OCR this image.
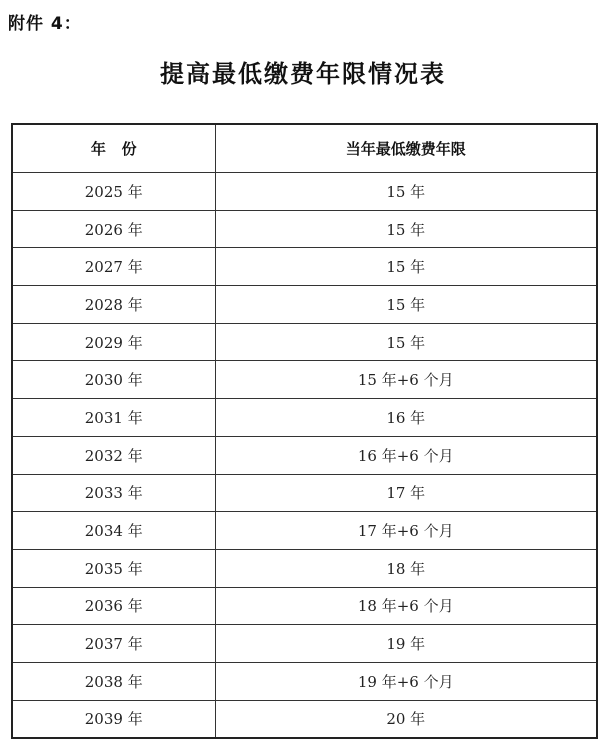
附件 4：
提高最低缴费年限情况表
年   份	当年最低缴费年限
2025 年	15 年
2026 年	15 年
2027 年	15 年
2028 年	15 年
2029 年	15 年
2030 年	15 年+6 个月
2031 年	16 年
2032 年	16 年+6 个月
2033 年	17 年
2034 年	17 年+6 个月
2035 年	18 年
2036 年	18 年+6 个月
2037 年	19 年
2038 年	19 年+6 个月
2039 年	20 年
